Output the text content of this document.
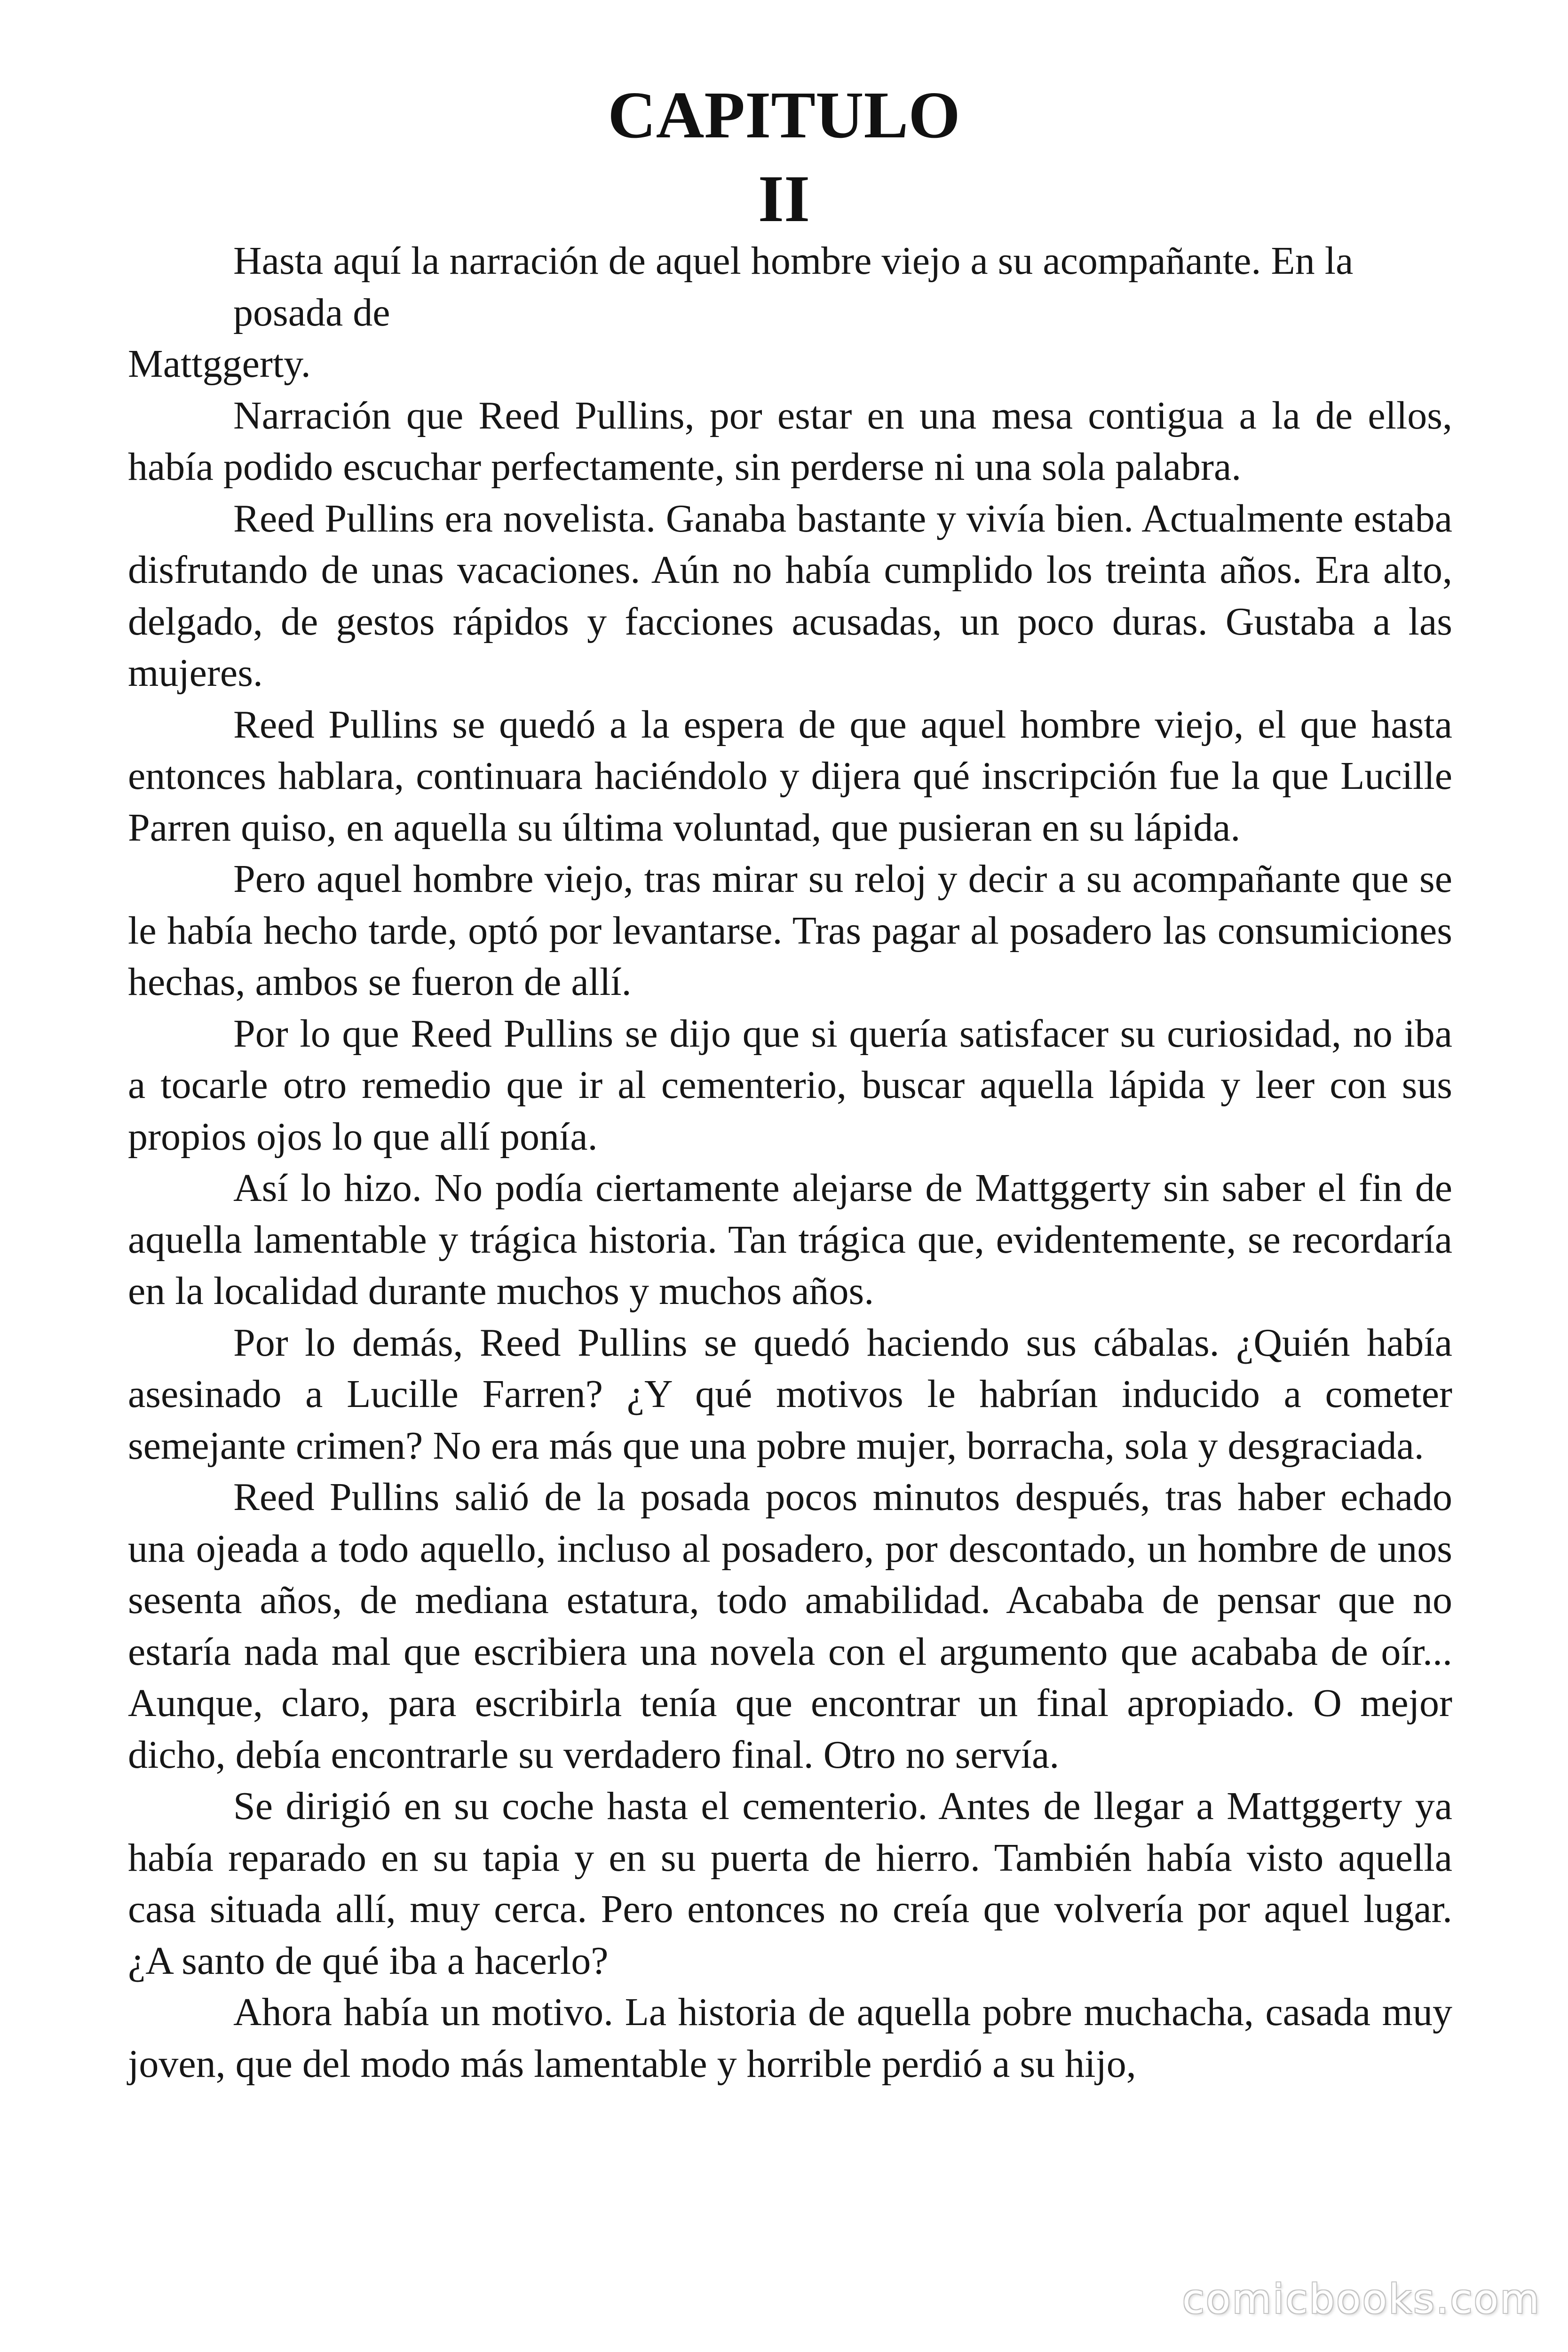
CAPITULO
II

Hasta aquí la narración de aquel hombre viejo a su acompañante. En la posada de

Mattggerty.

Narración que Reed Pullins, por estar en una mesa contigua a la de ellos, había podido escuchar perfectamente, sin perderse ni una sola palabra.

Reed Pullins era novelista. Ganaba bastante y vivía bien. Actualmente estaba disfrutando de unas vacaciones. Aún no había cumplido los treinta años. Era alto, delgado, de gestos rápidos y facciones acusadas, un poco duras. Gustaba a las mujeres.

Reed Pullins se quedó a la espera de que aquel hombre viejo, el que hasta entonces hablara, continuara haciéndolo y dijera qué inscripción fue la que Lucille Parren quiso, en aquella su última voluntad, que pusieran en su lápida.

Pero aquel hombre viejo, tras mirar su reloj y decir a su acompañante que se le había hecho tarde, optó por levantarse. Tras pagar al posadero las consumiciones hechas, ambos se fueron de allí.

Por lo que Reed Pullins se dijo que si quería satisfacer su curiosidad, no iba a tocarle otro remedio que ir al cementerio, buscar aquella lápida y leer con sus propios ojos lo que allí ponía.

Así lo hizo. No podía ciertamente alejarse de Mattggerty sin saber el fin de aquella lamentable y trágica historia. Tan trágica que, evidentemente, se recordaría en la localidad durante muchos y muchos años.

Por lo demás, Reed Pullins se quedó haciendo sus cábalas. ¿Quién había asesinado a Lucille Farren? ¿Y qué motivos le habrían inducido a cometer semejante crimen? No era más que una pobre mujer, borracha, sola y desgraciada.

Reed Pullins salió de la posada pocos minutos después, tras haber echado una ojeada a todo aquello, incluso al posadero, por descontado, un hombre de unos sesenta años, de mediana estatura, todo amabilidad. Acababa de pensar que no estaría nada mal que escribiera una novela con el argumento que acababa de oír... Aunque, claro, para escribirla tenía que encontrar un final apropiado. O mejor dicho, debía encontrarle su verdadero final. Otro no servía.

Se dirigió en su coche hasta el cementerio. Antes de llegar a Mattggerty ya había reparado en su tapia y en su puerta de hierro. También había visto aquella casa situada allí, muy cerca. Pero entonces no creía que volvería por aquel lugar. ¿A santo de qué iba a hacerlo?

Ahora había un motivo. La historia de aquella pobre muchacha, casada muy joven, que del modo más lamentable y horrible perdió a su hijo,

comicbooks.com
